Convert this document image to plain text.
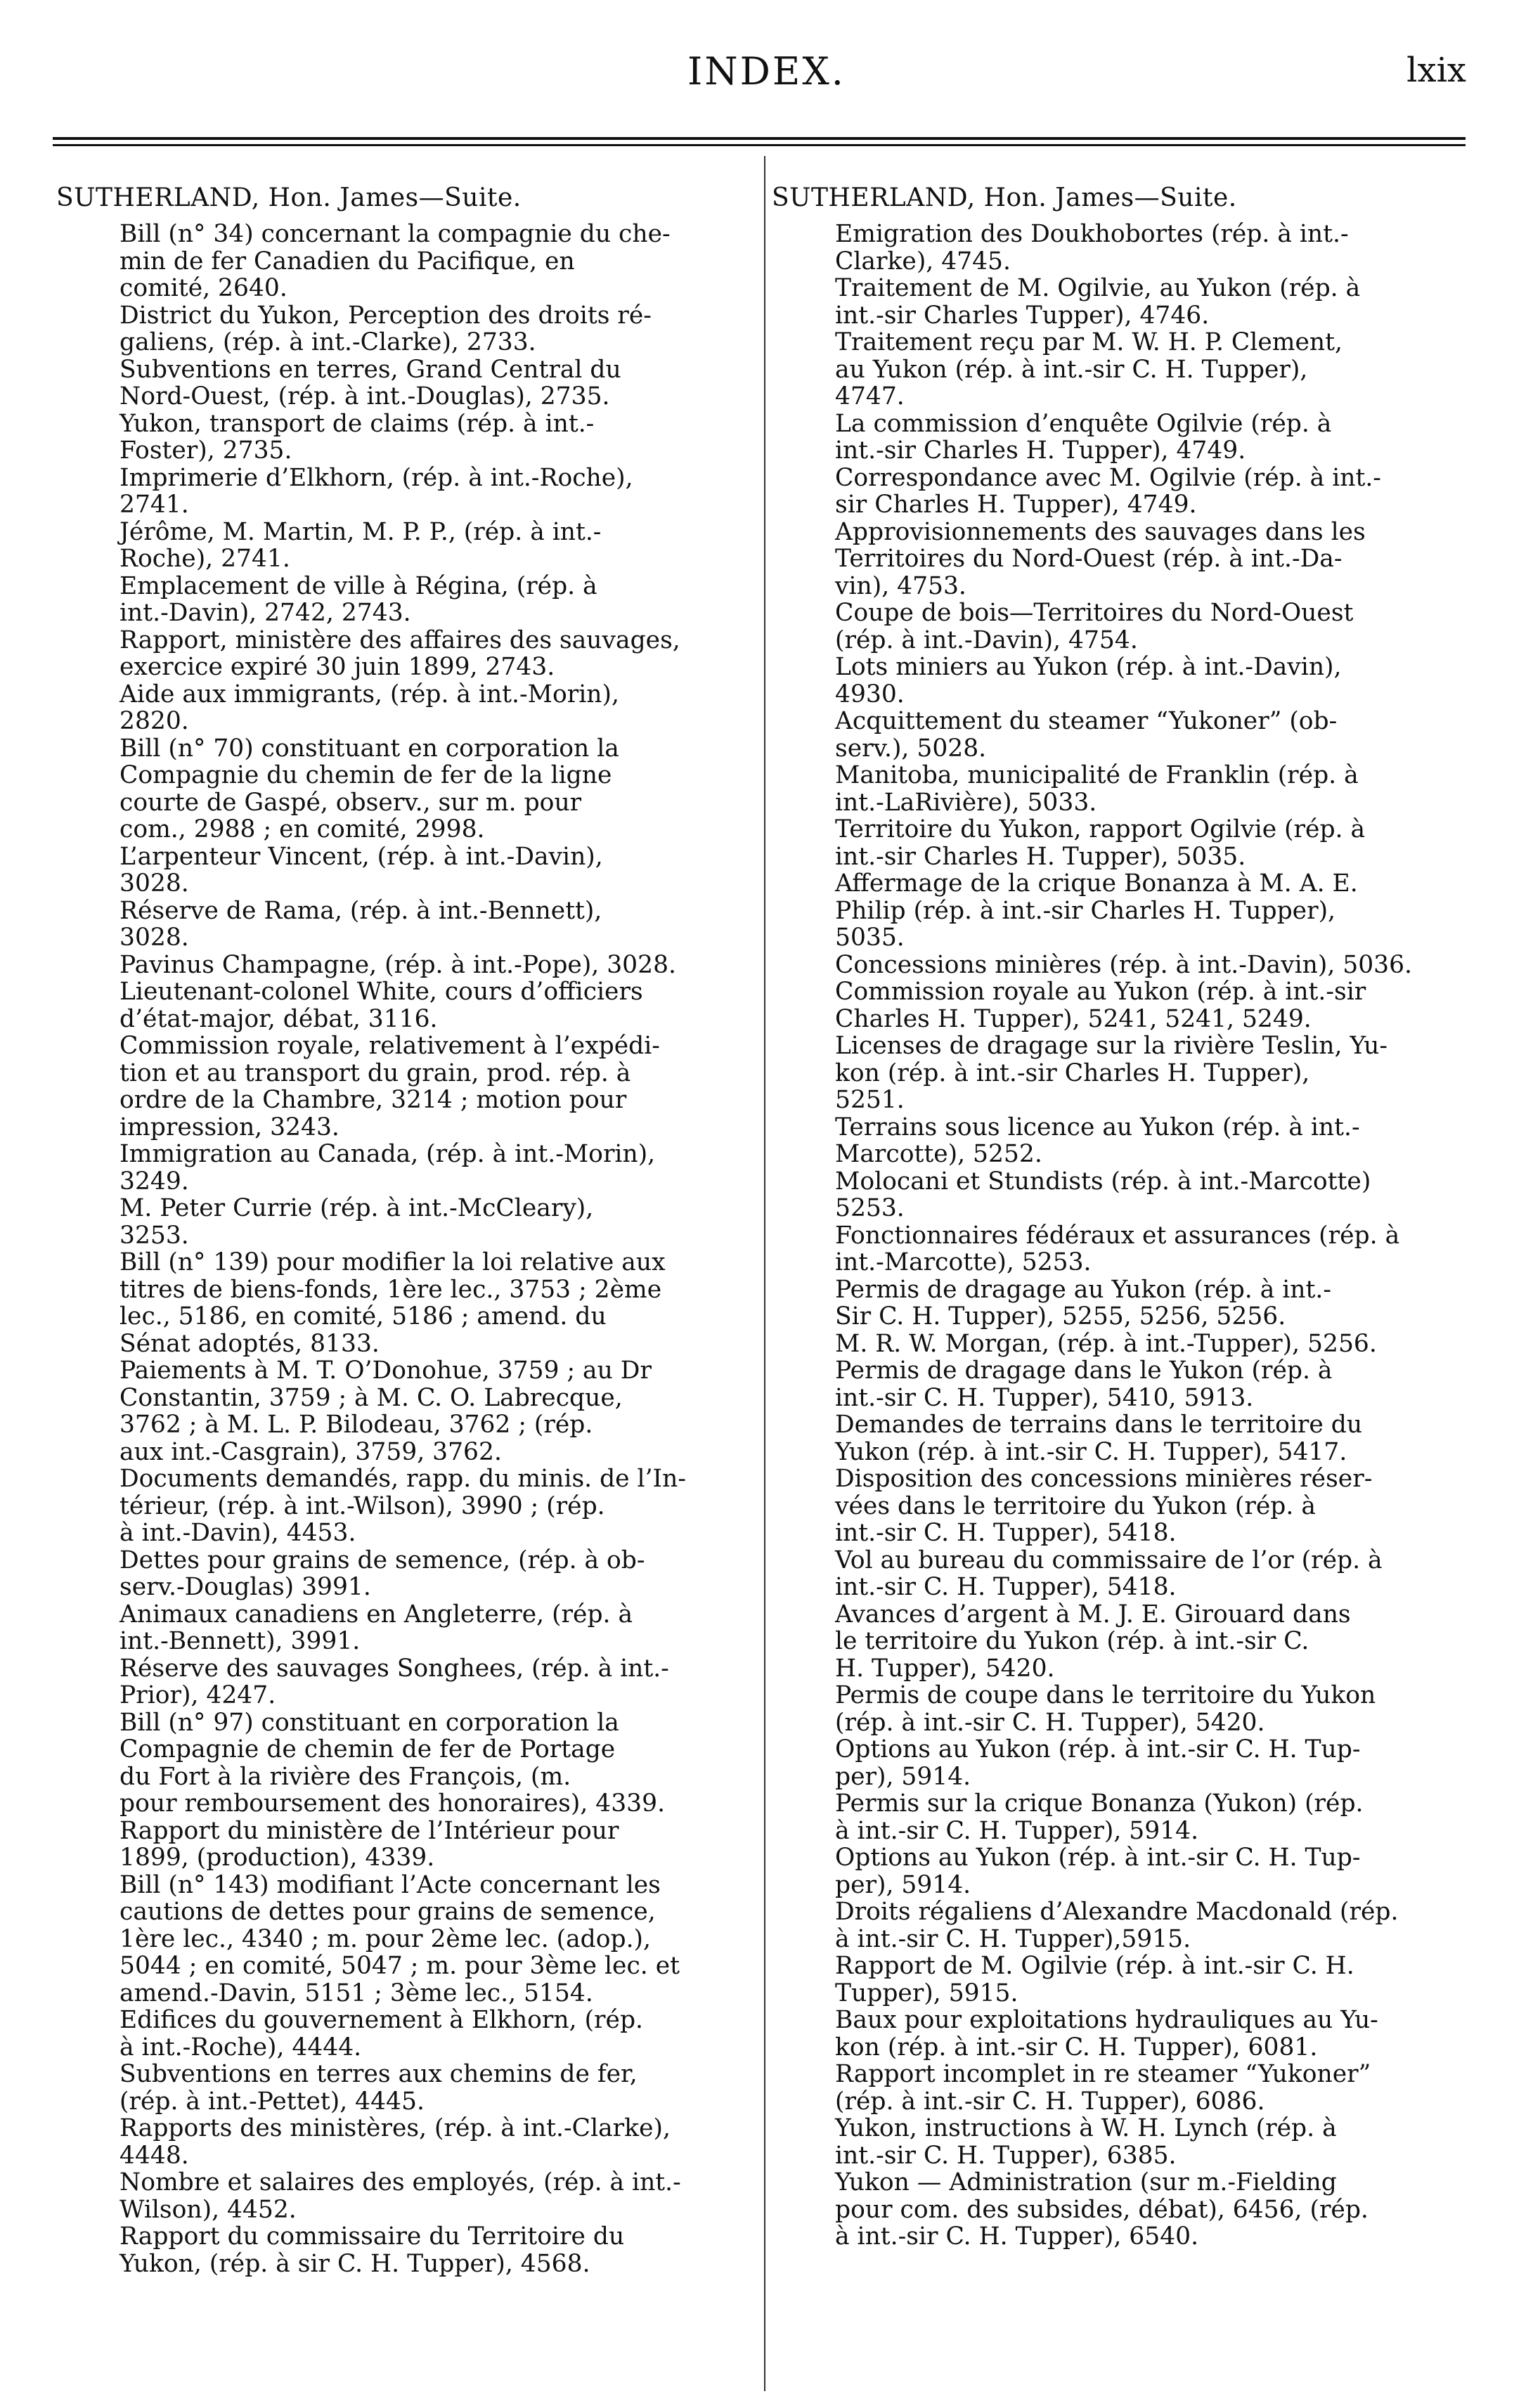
INDEX.	lxix
SUTHERLAND, Hon. James—Suite.
Bill (n° 34) concernant la compagnie du che-
min de fer Canadien du Pacifique, en
comité, 2640.
District du Yukon, Perception des droits ré-
galiens, (rép. à int.-Clarke), 2733.
Subventions en terres, Grand Central du
Nord-Ouest, (rép. à int.-Douglas), 2735.
Yukon, transport de claims (rép. à int.-
Foster), 2735.
Imprimerie d’Elkhorn, (rép. à int.-Roche),
2741.
Jérôme, M. Martin, M. P. P., (rép. à int.-
Roche), 2741.
Emplacement de ville à Régina, (rép. à
int.-Davin), 2742, 2743.
Rapport, ministère des affaires des sauvages,
exercice expiré 30 juin 1899, 2743.
Aide aux immigrants, (rép. à int.-Morin),
2820.
Bill (n° 70) constituant en corporation la
Compagnie du chemin de fer de la ligne
courte de Gaspé, observ., sur m. pour
com., 2988 ; en comité, 2998.
L’arpenteur Vincent, (rép. à int.-Davin),
3028.
Réserve de Rama, (rép. à int.-Bennett),
3028.
Pavinus Champagne, (rép. à int.-Pope), 3028.
Lieutenant-colonel White, cours d’officiers
d’état-major, débat, 3116.
Commission royale, relativement à l’expédi-
tion et au transport du grain, prod. rép. à
ordre de la Chambre, 3214 ; motion pour
impression, 3243.
Immigration au Canada, (rép. à int.-Morin),
3249.
M. Peter Currie (rép. à int.-McCleary),
3253.
Bill (n° 139) pour modifier la loi relative aux
titres de biens-fonds, 1ère lec., 3753 ; 2ème
lec., 5186, en comité, 5186 ; amend. du
Sénat adoptés, 8133.
Paiements à M. T. O’Donohue, 3759 ; au Dr
Constantin, 3759 ; à M. C. O. Labrecque,
3762 ; à M. L. P. Bilodeau, 3762 ; (rép.
aux int.-Casgrain), 3759, 3762.
Documents demandés, rapp. du minis. de l’In-
térieur, (rép. à int.-Wilson), 3990 ; (rép.
à int.-Davin), 4453.
Dettes pour grains de semence, (rép. à ob-
serv.-Douglas) 3991.
Animaux canadiens en Angleterre, (rép. à
int.-Bennett), 3991.
Réserve des sauvages Songhees, (rép. à int.-
Prior), 4247.
Bill (n° 97) constituant en corporation la
Compagnie de chemin de fer de Portage
du Fort à la rivière des François, (m.
pour remboursement des honoraires), 4339.
Rapport du ministère de l’Intérieur pour
1899, (production), 4339.
Bill (n° 143) modifiant l’Acte concernant les
cautions de dettes pour grains de semence,
1ère lec., 4340 ; m. pour 2ème lec. (adop.),
5044 ; en comité, 5047 ; m. pour 3ème lec. et
amend.-Davin, 5151 ; 3ème lec., 5154.
Edifices du gouvernement à Elkhorn, (rép.
à int.-Roche), 4444.
Subventions en terres aux chemins de fer,
(rép. à int.-Pettet), 4445.
Rapports des ministères, (rép. à int.-Clarke),
4448.
Nombre et salaires des employés, (rép. à int.-
Wilson), 4452.
Rapport du commissaire du Territoire du
Yukon, (rép. à sir C. H. Tupper), 4568.
SUTHERLAND, Hon. James—Suite.
Emigration des Doukhobortes (rép. à int.-
Clarke), 4745.
Traitement de M. Ogilvie, au Yukon (rép. à
int.-sir Charles Tupper), 4746.
Traitement reçu par M. W. H. P. Clement,
au Yukon (rép. à int.-sir C. H. Tupper),
4747.
La commission d’enquête Ogilvie (rép. à
int.-sir Charles H. Tupper), 4749.
Correspondance avec M. Ogilvie (rép. à int.-
sir Charles H. Tupper), 4749.
Approvisionnements des sauvages dans les
Territoires du Nord-Ouest (rép. à int.-Da-
vin), 4753.
Coupe de bois—Territoires du Nord-Ouest
(rép. à int.-Davin), 4754.
Lots miniers au Yukon (rép. à int.-Davin),
4930.
Acquittement du steamer “Yukoner” (ob-
serv.), 5028.
Manitoba, municipalité de Franklin (rép. à
int.-LaRivière), 5033.
Territoire du Yukon, rapport Ogilvie (rép. à
int.-sir Charles H. Tupper), 5035.
Affermage de la crique Bonanza à M. A. E.
Philip (rép. à int.-sir Charles H. Tupper),
5035.
Concessions minières (rép. à int.-Davin), 5036.
Commission royale au Yukon (rép. à int.-sir
Charles H. Tupper), 5241, 5241, 5249.
Licenses de dragage sur la rivière Teslin, Yu-
kon (rép. à int.-sir Charles H. Tupper),
5251.
Terrains sous licence au Yukon (rép. à int.-
Marcotte), 5252.
Molocani et Stundists (rép. à int.-Marcotte)
5253.
Fonctionnaires fédéraux et assurances (rép. à
int.-Marcotte), 5253.
Permis de dragage au Yukon (rép. à int.-
Sir C. H. Tupper), 5255, 5256, 5256.
M. R. W. Morgan, (rép. à int.-Tupper), 5256.
Permis de dragage dans le Yukon (rép. à
int.-sir C. H. Tupper), 5410, 5913.
Demandes de terrains dans le territoire du
Yukon (rép. à int.-sir C. H. Tupper), 5417.
Disposition des concessions minières réser-
vées dans le territoire du Yukon (rép. à
int.-sir C. H. Tupper), 5418.
Vol au bureau du commissaire de l’or (rép. à
int.-sir C. H. Tupper), 5418.
Avances d’argent à M. J. E. Girouard dans
le territoire du Yukon (rép. à int.-sir C.
H. Tupper), 5420.
Permis de coupe dans le territoire du Yukon
(rép. à int.-sir C. H. Tupper), 5420.
Options au Yukon (rép. à int.-sir C. H. Tup-
per), 5914.
Permis sur la crique Bonanza (Yukon) (rép.
à int.-sir C. H. Tupper), 5914.
Options au Yukon (rép. à int.-sir C. H. Tup-
per), 5914.
Droits régaliens d’Alexandre Macdonald (rép.
à int.-sir C. H. Tupper),5915.
Rapport de M. Ogilvie (rép. à int.-sir C. H.
Tupper), 5915.
Baux pour exploitations hydrauliques au Yu-
kon (rép. à int.-sir C. H. Tupper), 6081.
Rapport incomplet in re steamer “Yukoner”
(rép. à int.-sir C. H. Tupper), 6086.
Yukon, instructions à W. H. Lynch (rép. à
int.-sir C. H. Tupper), 6385.
Yukon — Administration (sur m.-Fielding
pour com. des subsides, débat), 6456, (rép.
à int.-sir C. H. Tupper), 6540.
